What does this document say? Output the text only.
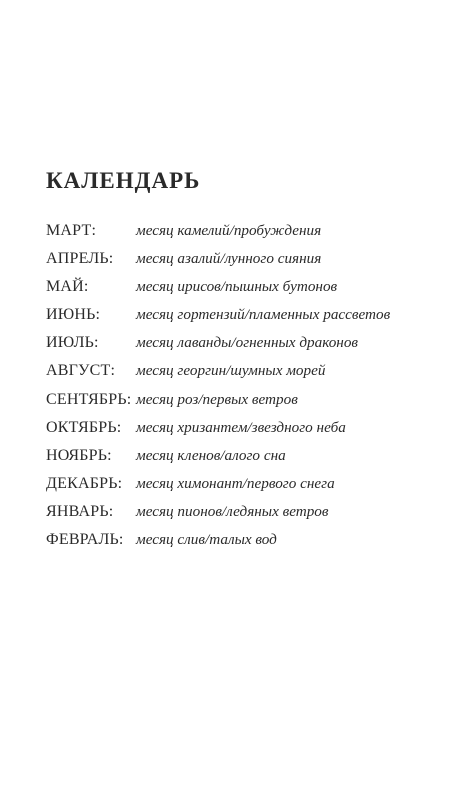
КАЛЕНДАРЬ
МАРТ:	месяц камелий/пробуждения
АПРЕЛЬ:	месяц азалий/лунного сияния
МАЙ:	месяц ирисов/пышных бутонов
ИЮНЬ:	месяц гортензий/пламенных рассветов
ИЮЛЬ:	месяц лаванды/огненных драконов
АВГУСТ:	месяц георгин/шумных морей
СЕНТЯБРЬ: месяц роз/первых ветров
ОКТЯБРЬ: месяц хризантем/звездного неба
НОЯБРЬ:	месяц кленов/алого сна
ДЕКАБРЬ: месяц химонант/первого снега
ЯНВАРЬ:	месяц пионов/ледяных ветров
ФЕВРАЛЬ: месяц слив/талых вод
